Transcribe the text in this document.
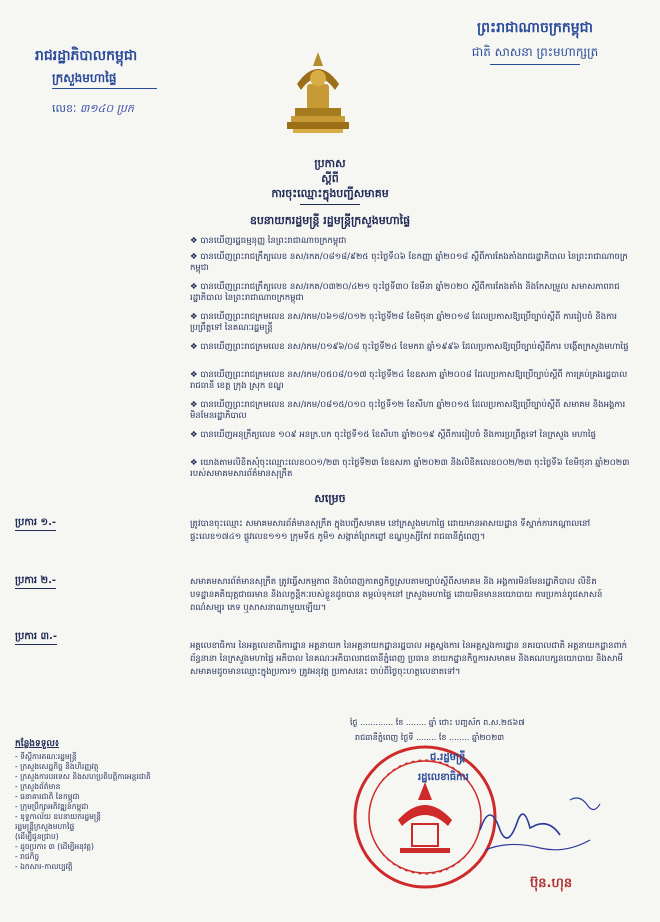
ព្រះរាជាណាចក្រកម្ពុជា
ជាតិ សាសនា ព្រះមហាក្សត្រ
រាជរដ្ឋាភិបាលកម្ពុជា
ក្រសួងមហាផ្ទៃ
លេខៈ ៣១៤០ ប្រក
ប្រកាស
ស្ដីពី
ការចុះឈ្មោះក្នុងបញ្ជីសមាគម
ឧបនាយករដ្ឋមន្ត្រី រដ្ឋមន្ត្រីក្រសួងមហាផ្ទៃ
❖ បានឃើញរដ្ឋធម្មនុញ្ញ នៃព្រះរាជាណាចក្រកម្ពុជា
❖ បានឃើញព្រះរាជក្រឹត្យលេខ នស/រកត/០៨១៨/៩២៥ ចុះថ្ងៃទី០៦ ខែកញ្ញា ឆ្នាំ២០១៨ ស្ដីពីការតែងតាំងរាជរដ្ឋាភិបាល នៃព្រះរាជាណាចក្រកម្ពុជា
❖ បានឃើញព្រះរាជក្រឹត្យលេខ នស/រកត/០៣២០/៤២១ ចុះថ្ងៃទី៣០ ខែមីនា ឆ្នាំ២០២០ ស្ដីពីការតែងតាំង និងកែសម្រួល សមាសភាពរាជរដ្ឋាភិបាល នៃព្រះរាជាណាចក្រកម្ពុជា
❖ បានឃើញព្រះរាជក្រមលេខ នស/រកម/០៦១៨/០១២ ចុះថ្ងៃទី២៨ ខែមិថុនា ឆ្នាំ២០១៨ ដែលប្រកាសឱ្យប្រើច្បាប់ស្ដីពី ការរៀបចំ និងការប្រព្រឹត្តទៅ នៃគណៈរដ្ឋមន្ត្រី
❖ បានឃើញព្រះរាជក្រមលេខ នស/រកម/០១៩៦/០៨ ចុះថ្ងៃទី២៤ ខែមករា ឆ្នាំ១៩៩៦ ដែលប្រកាសឱ្យប្រើច្បាប់ស្ដីពីការ បង្កើតក្រសួងមហាផ្ទៃ
❖ បានឃើញព្រះរាជក្រមលេខ នស/រកម/០៥០៨/០១៧ ចុះថ្ងៃទី២៤ ខែឧសភា ឆ្នាំ២០០៨ ដែលប្រកាសឱ្យប្រើច្បាប់ស្ដីពី ការគ្រប់គ្រងរដ្ឋបាលរាជធានី ខេត្ត ក្រុង ស្រុក ខណ្ឌ
❖ បានឃើញព្រះរាជក្រមលេខ នស/រកម/០៨១៥/០១០ ចុះថ្ងៃទី១២ ខែសីហា ឆ្នាំ២០១៥ ដែលប្រកាសឱ្យប្រើច្បាប់ស្ដីពី សមាគម និងអង្គការមិនមែនរដ្ឋាភិបាល
❖ បានឃើញអនុក្រឹត្យលេខ ១០៩ អនក្រ.បក ចុះថ្ងៃទី១៥ ខែសីហា ឆ្នាំ២០១៩ ស្ដីពីការរៀបចំ និងការប្រព្រឹត្តទៅ នៃក្រសួង មហាផ្ទៃ
❖ យោងតាមលិខិតសុំចុះឈ្មោះលេខ០០១/២៣ ចុះថ្ងៃទី២៣ ខែឧសភា ឆ្នាំ២០២៣ និងលិខិតលេខ០០២/២៣ ចុះថ្ងៃទី៦ ខែមិថុនា ឆ្នាំ២០២៣ របស់សមាគមសារព័ត៌មានសុក្រឹត
សម្រេច
ប្រការ ១.-	ត្រូវបានចុះឈ្មោះ សមាគមសារព័ត៌មានសុក្រឹត ក្នុងបញ្ជីសមាគម នៅក្រសួងមហាផ្ទៃ ដោយមានអាសយដ្ឋាន ទីស្នាក់ការកណ្ដាលនៅផ្ទះលេខ១៧៤១ ផ្លូវលេខ១១១ ក្រុមទី៥ ភូមិ១ សង្កាត់ព្រែកព្នៅ ខណ្ឌឫស្សីកែវ រាជធានីភ្នំពេញ។
ប្រការ ២.-	សមាគមសារព័ត៌មានសុក្រឹត ត្រូវធ្វើសកម្មភាព និងបំពេញកាតព្វកិច្ចស្របតាមច្បាប់ស្ដីពីសមាគម និង អង្គការមិនមែនរដ្ឋាភិបាល លិខិតបទដ្ឋានគតិយុត្តជាធរមាន និងលក្ខន្តិកៈរបស់ខ្លួនដូចបាន តម្កល់ទុកនៅ ក្រសួងមហាផ្ទៃ ដោយមិនមាននយោបាយ ការប្រកាន់ពូជសាសន៍ ពណ៌សម្បុរ ភេទ ឬសាសនាណាមួយឡើយ។
ប្រការ ៣.-
អគ្គលេខាធិការ នៃអគ្គលេខាធិការដ្ឋាន អគ្គនាយក នៃអគ្គនាយកដ្ឋានរដ្ឋបាល អគ្គស្នងការ នៃអគ្គស្នងការដ្ឋាន នគរបាលជាតិ អគ្គនាយកដ្ឋានពាក់ព័ន្ធនានា នៃក្រសួងមហាផ្ទៃ អភិបាល នៃគណៈអភិបាលរាជធានីភ្នំពេញ ប្រធាន នាយកដ្ឋានកិច្ចការសមាគម និងគណបក្សនយោបាយ និងសាមីសមាគមដូចមានឈ្មោះក្នុងប្រការ១ ត្រូវអនុវត្ត ប្រកាសនេះ ចាប់ពីថ្ងៃចុះហត្ថលេខាតទៅ។
ថ្ងៃ ............. ខែ ........ ឆ្នាំ ថោះ បញ្ចស័ក ព.ស.២៥៦៧
រាជធានីភ្នំពេញ ថ្ងៃទី ........ ខែ ........ ឆ្នាំ២០២៣
ជ.រដ្ឋមន្ត្រី
រដ្ឋលេខាធិការ
ប៊ុន.ហុន
កន្លែងទទួល៖
- ទីស្ដីការគណៈរដ្ឋមន្ត្រី
- ក្រសួងសេដ្ឋកិច្ច និងហិរញ្ញវត្ថុ
- ក្រសួងការបរទេស និងសហប្រតិបត្តិការអន្តរជាតិ
- ក្រសួងព័ត៌មាន
- ធនាគារជាតិ នៃកម្ពុជា
- ក្រុមប្រឹក្សាអភិវឌ្ឍន៍កម្ពុជា
- ខុទ្ទកាល័យ ឧបនាយករដ្ឋមន្ត្រី
រដ្ឋមន្ត្រីក្រសួងមហាផ្ទៃ
(ដើម្បីជូនជ្រាប)
- ដូចប្រការ ៣ (ដើម្បីអនុវត្ត)
- រាជកិច្ច
- ឯកសារ-កាលប្បវត្តិ
